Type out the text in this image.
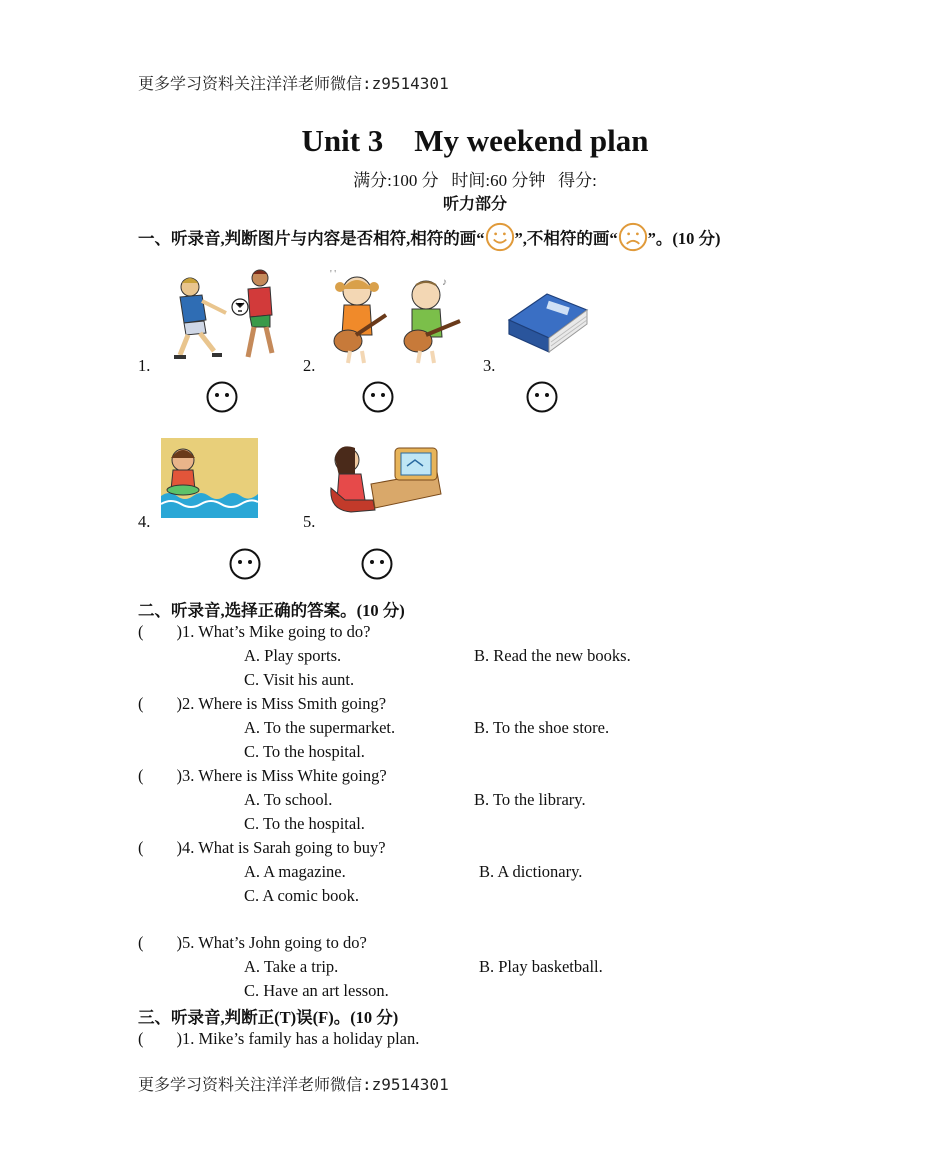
更多学习资料关注洋洋老师微信:z9514301
更多学习资料关注洋洋老师微信:z9514301
Unit 3    My weekend plan
满分:100 分   时间:60 分钟   得分:
听力部分
一、听录音,判断图片与内容是否相符,相符的画“ ”,不相符的画“ ”。(10 分)
1.	2.	3.
4.	5.
' '
♪
二、听录音,选择正确的答案。(10 分)
(        )1. What’s Mike going to do?
A. Play sports.	B. Read the new books.
C. Visit his aunt.
(        )2. Where is Miss Smith going?
A. To the supermarket.	B. To the shoe store.
C. To the hospital.
(        )3. Where is Miss White going?
A. To school.	B. To the library.
C. To the hospital.
(        )4. What is Sarah going to buy?
A. A magazine.	B. A dictionary.
C. A comic book.
(        )5. What’s John going to do?
A. Take a trip.	B. Play basketball.
C. Have an art lesson.
三、听录音,判断正(T)误(F)。(10 分)
(        )1. Mike’s family has a holiday plan.
